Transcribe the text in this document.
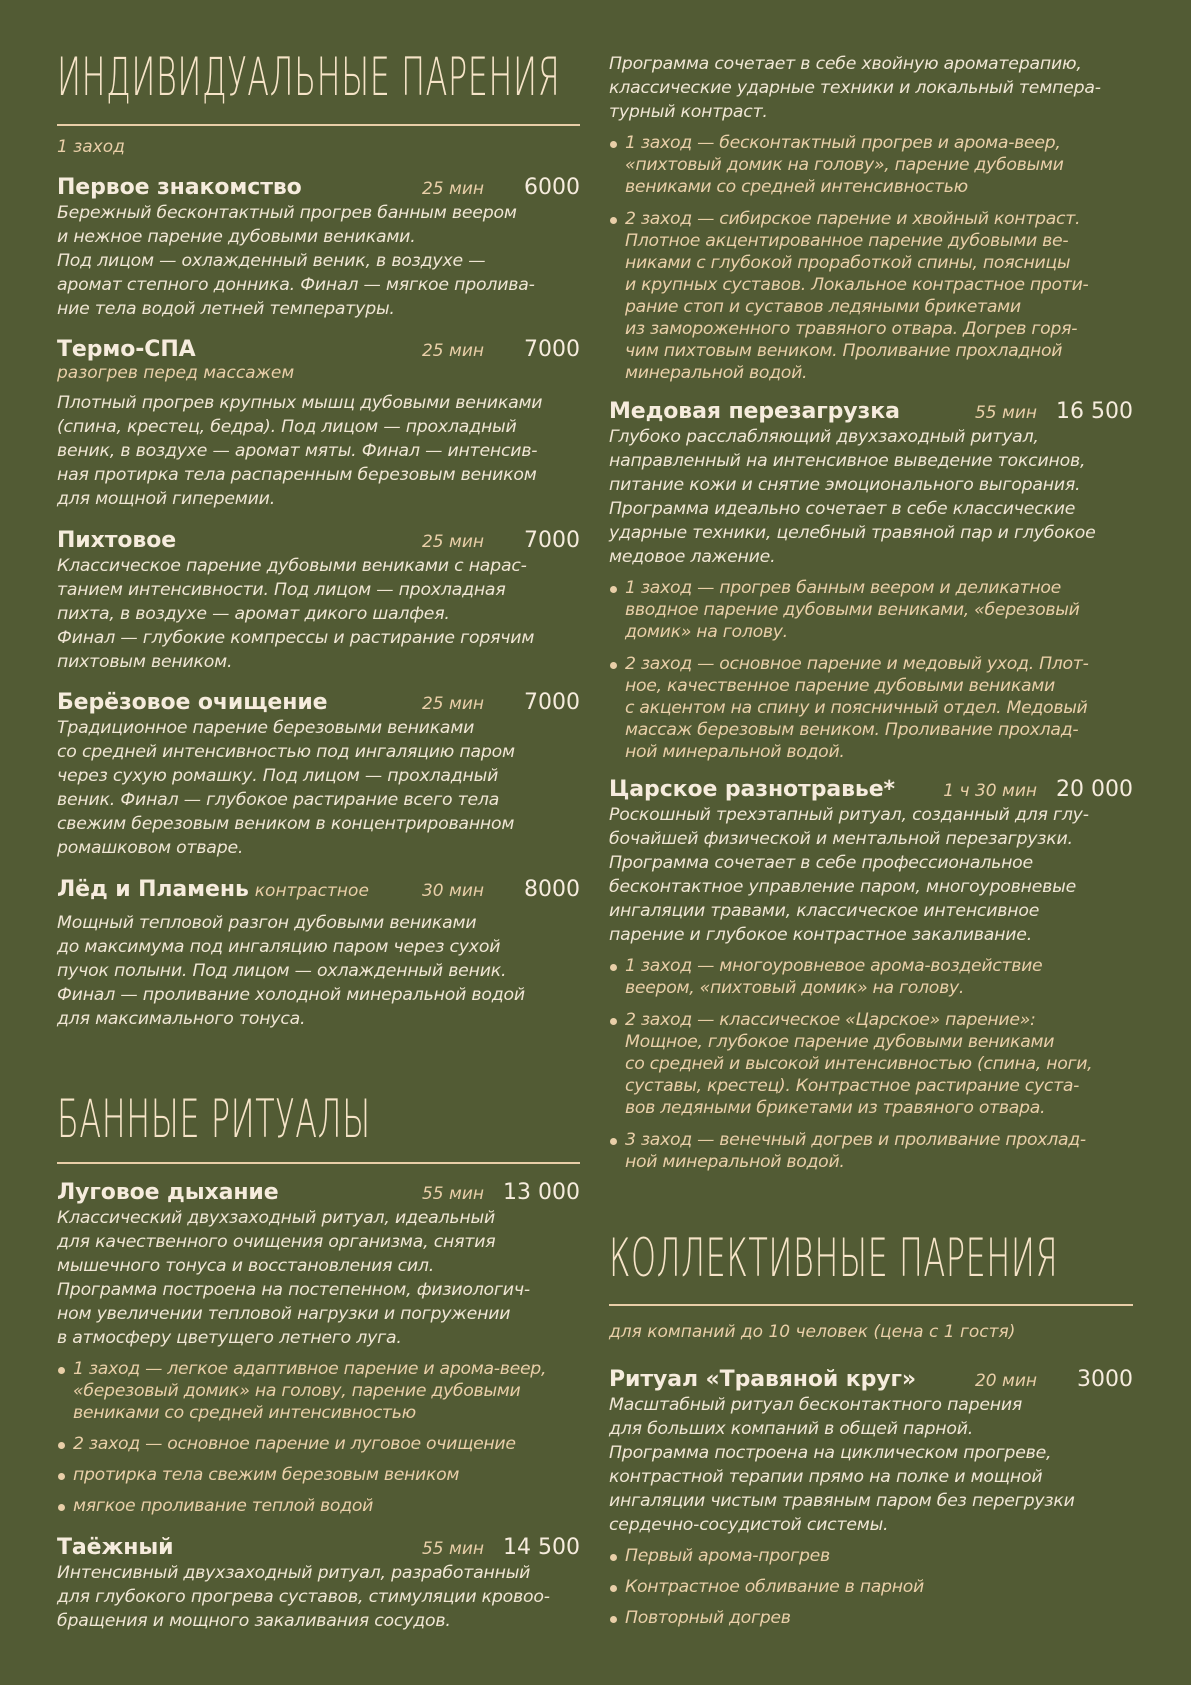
ИНДИВИДУАЛЬНЫЕ ПАРЕНИЯ
1 заход
Первое знакомство	25 мин	6000
Бережный бесконтактный прогрев банным веером
и нежное парение дубовыми вениками.
Под лицом — охлажденный веник, в воздухе —
аромат степного донника. Финал — мягкое пролива-
ние тела водой летней температуры.
Термо-СПА	25 мин	7000
разогрев перед массажем
Плотный прогрев крупных мышц дубовыми вениками
(спина, крестец, бедра). Под лицом — прохладный
веник, в воздухе — аромат мяты. Финал — интенсив-
ная протирка тела распаренным березовым веником
для мощной гиперемии.
Пихтовое	25 мин	7000
Классическое парение дубовыми вениками с нарас-
танием интенсивности. Под лицом — прохладная
пихта, в воздухе — аромат дикого шалфея.
Финал — глубокие компрессы и растирание горячим
пихтовым веником.
Берёзовое очищение	25 мин	7000
Традиционное парение березовыми вениками
со средней интенсивностью под ингаляцию паром
через сухую ромашку. Под лицом — прохладный
веник. Финал — глубокое растирание всего тела
свежим березовым веником в концентрированном
ромашковом отваре.
Лёд и Пламень контрастное	30 мин	8000
Мощный тепловой разгон дубовыми вениками
до максимума под ингаляцию паром через сухой
пучок полыни. Под лицом — охлажденный веник.
Финал — проливание холодной минеральной водой
для максимального тонуса.
БАННЫЕ РИТУАЛЫ
Луговое дыхание	55 мин 13 000
Классический двухзаходный ритуал, идеальный
для качественного очищения организма, снятия
мышечного тонуса и восстановления сил.
Программа построена на постепенном, физиологич-
ном увеличении тепловой нагрузки и погружении
в атмосферу цветущего летнего луга.
1 заход — легкое адаптивное парение и арома-веер,
«березовый домик» на голову, парение дубовыми
вениками со средней интенсивностью
2 заход — основное парение и луговое очищение
протирка тела свежим березовым веником
мягкое проливание теплой водой
Таёжный	55 мин 14 500
Интенсивный двухзаходный ритуал, разработанный
для глубокого прогрева суставов, стимуляции кровоо-
бращения и мощного закаливания сосудов.
Программа сочетает в себе хвойную ароматерапию,
классические ударные техники и локальный темпера-
турный контраст.
1 заход — бесконтактный прогрев и арома-веер,
«пихтовый домик на голову», парение дубовыми
вениками со средней интенсивностью
2 заход — сибирское парение и хвойный контраст.
Плотное акцентированное парение дубовыми ве-
никами с глубокой проработкой спины, поясницы
и крупных суставов. Локальное контрастное проти-
рание стоп и суставов ледяными брикетами
из замороженного травяного отвара. Догрев горя-
чим пихтовым веником. Проливание прохладной
минеральной водой.
Медовая перезагрузка	55 мин 16 500
Глубоко расслабляющий двухзаходный ритуал,
направленный на интенсивное выведение токсинов,
питание кожи и снятие эмоционального выгорания.
Программа идеально сочетает в себе классические
ударные техники, целебный травяной пар и глубокое
медовое лажение.
1 заход — прогрев банным веером и деликатное
вводное парение дубовыми вениками, «березовый
домик» на голову.
2 заход — основное парение и медовый уход. Плот-
ное, качественное парение дубовыми вениками
с акцентом на спину и поясничный отдел. Медовый
массаж березовым веником. Проливание прохлад-
ной минеральной водой.
Царское разнотравье*	1 ч 30 мин 20 000
Роскошный трехэтапный ритуал, созданный для глу-
бочайшей физической и ментальной перезагрузки.
Программа сочетает в себе профессиональное
бесконтактное управление паром, многоуровневые
ингаляции травами, классическое интенсивное
парение и глубокое контрастное закаливание.
1 заход — многоуровневое арома-воздействие
веером, «пихтовый домик» на голову.
2 заход — классическое «Царское» парение»:
Мощное, глубокое парение дубовыми вениками
со средней и высокой интенсивностью (спина, ноги,
суставы, крестец). Контрастное растирание суста-
вов ледяными брикетами из травяного отвара.
3 заход — венечный догрев и проливание прохлад-
ной минеральной водой.
КОЛЛЕКТИВНЫЕ ПАРЕНИЯ
для компаний до 10 человек (цена с 1 гостя)
Ритуал «Травяной круг»	20 мин	3000
Масштабный ритуал бесконтактного парения
для больших компаний в общей парной.
Программа построена на циклическом прогреве,
контрастной терапии прямо на полке и мощной
ингаляции чистым травяным паром без перегрузки
сердечно-сосудистой системы.
Первый арома-прогрев
Контрастное обливание в парной
Повторный догрев
